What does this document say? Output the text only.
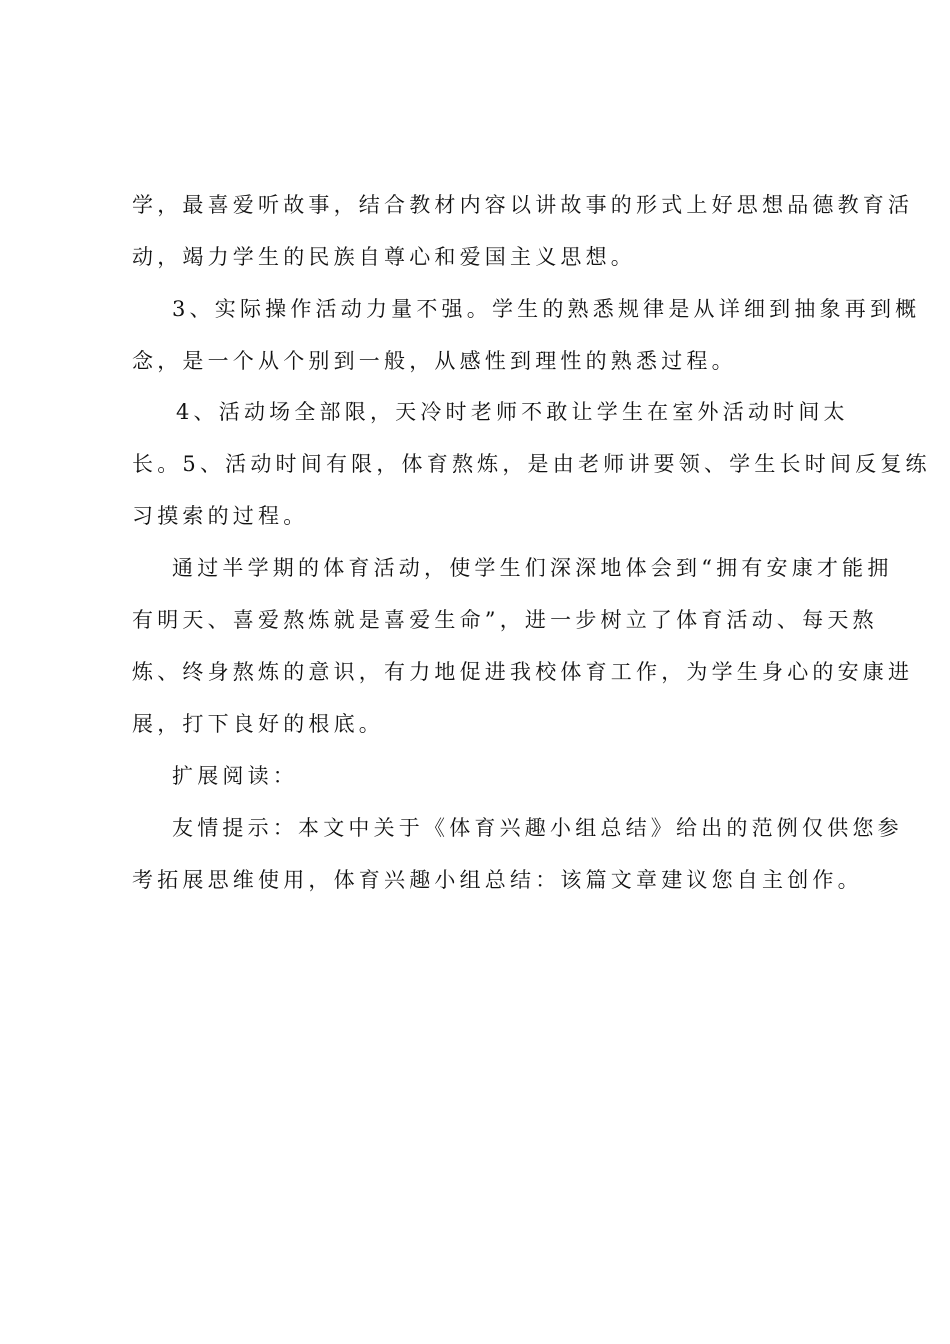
学，最喜爱听故事，结合教材内容以讲故事的形式上好思想品德教育活
动，竭力学生的民族自尊心和爱国主义思想。
3、实际操作活动力量不强。学生的熟悉规律是从详细到抽象再到概
念，是一个从个别到一般，从感性到理性的熟悉过程。
4、活动场全部限，天冷时老师不敢让学生在室外活动时间太
长。5、活动时间有限，体育熬炼，是由老师讲要领、学生长时间反复练
习摸索的过程。
通过半学期的体育活动，使学生们深深地体会到“拥有安康才能拥
有明天、喜爱熬炼就是喜爱生命”，进一步树立了体育活动、每天熬
炼、终身熬炼的意识，有力地促进我校体育工作，为学生身心的安康进
展，打下良好的根底。
扩展阅读：
友情提示：本文中关于《体育兴趣小组总结》给出的范例仅供您参
考拓展思维使用，体育兴趣小组总结：该篇文章建议您自主创作。
